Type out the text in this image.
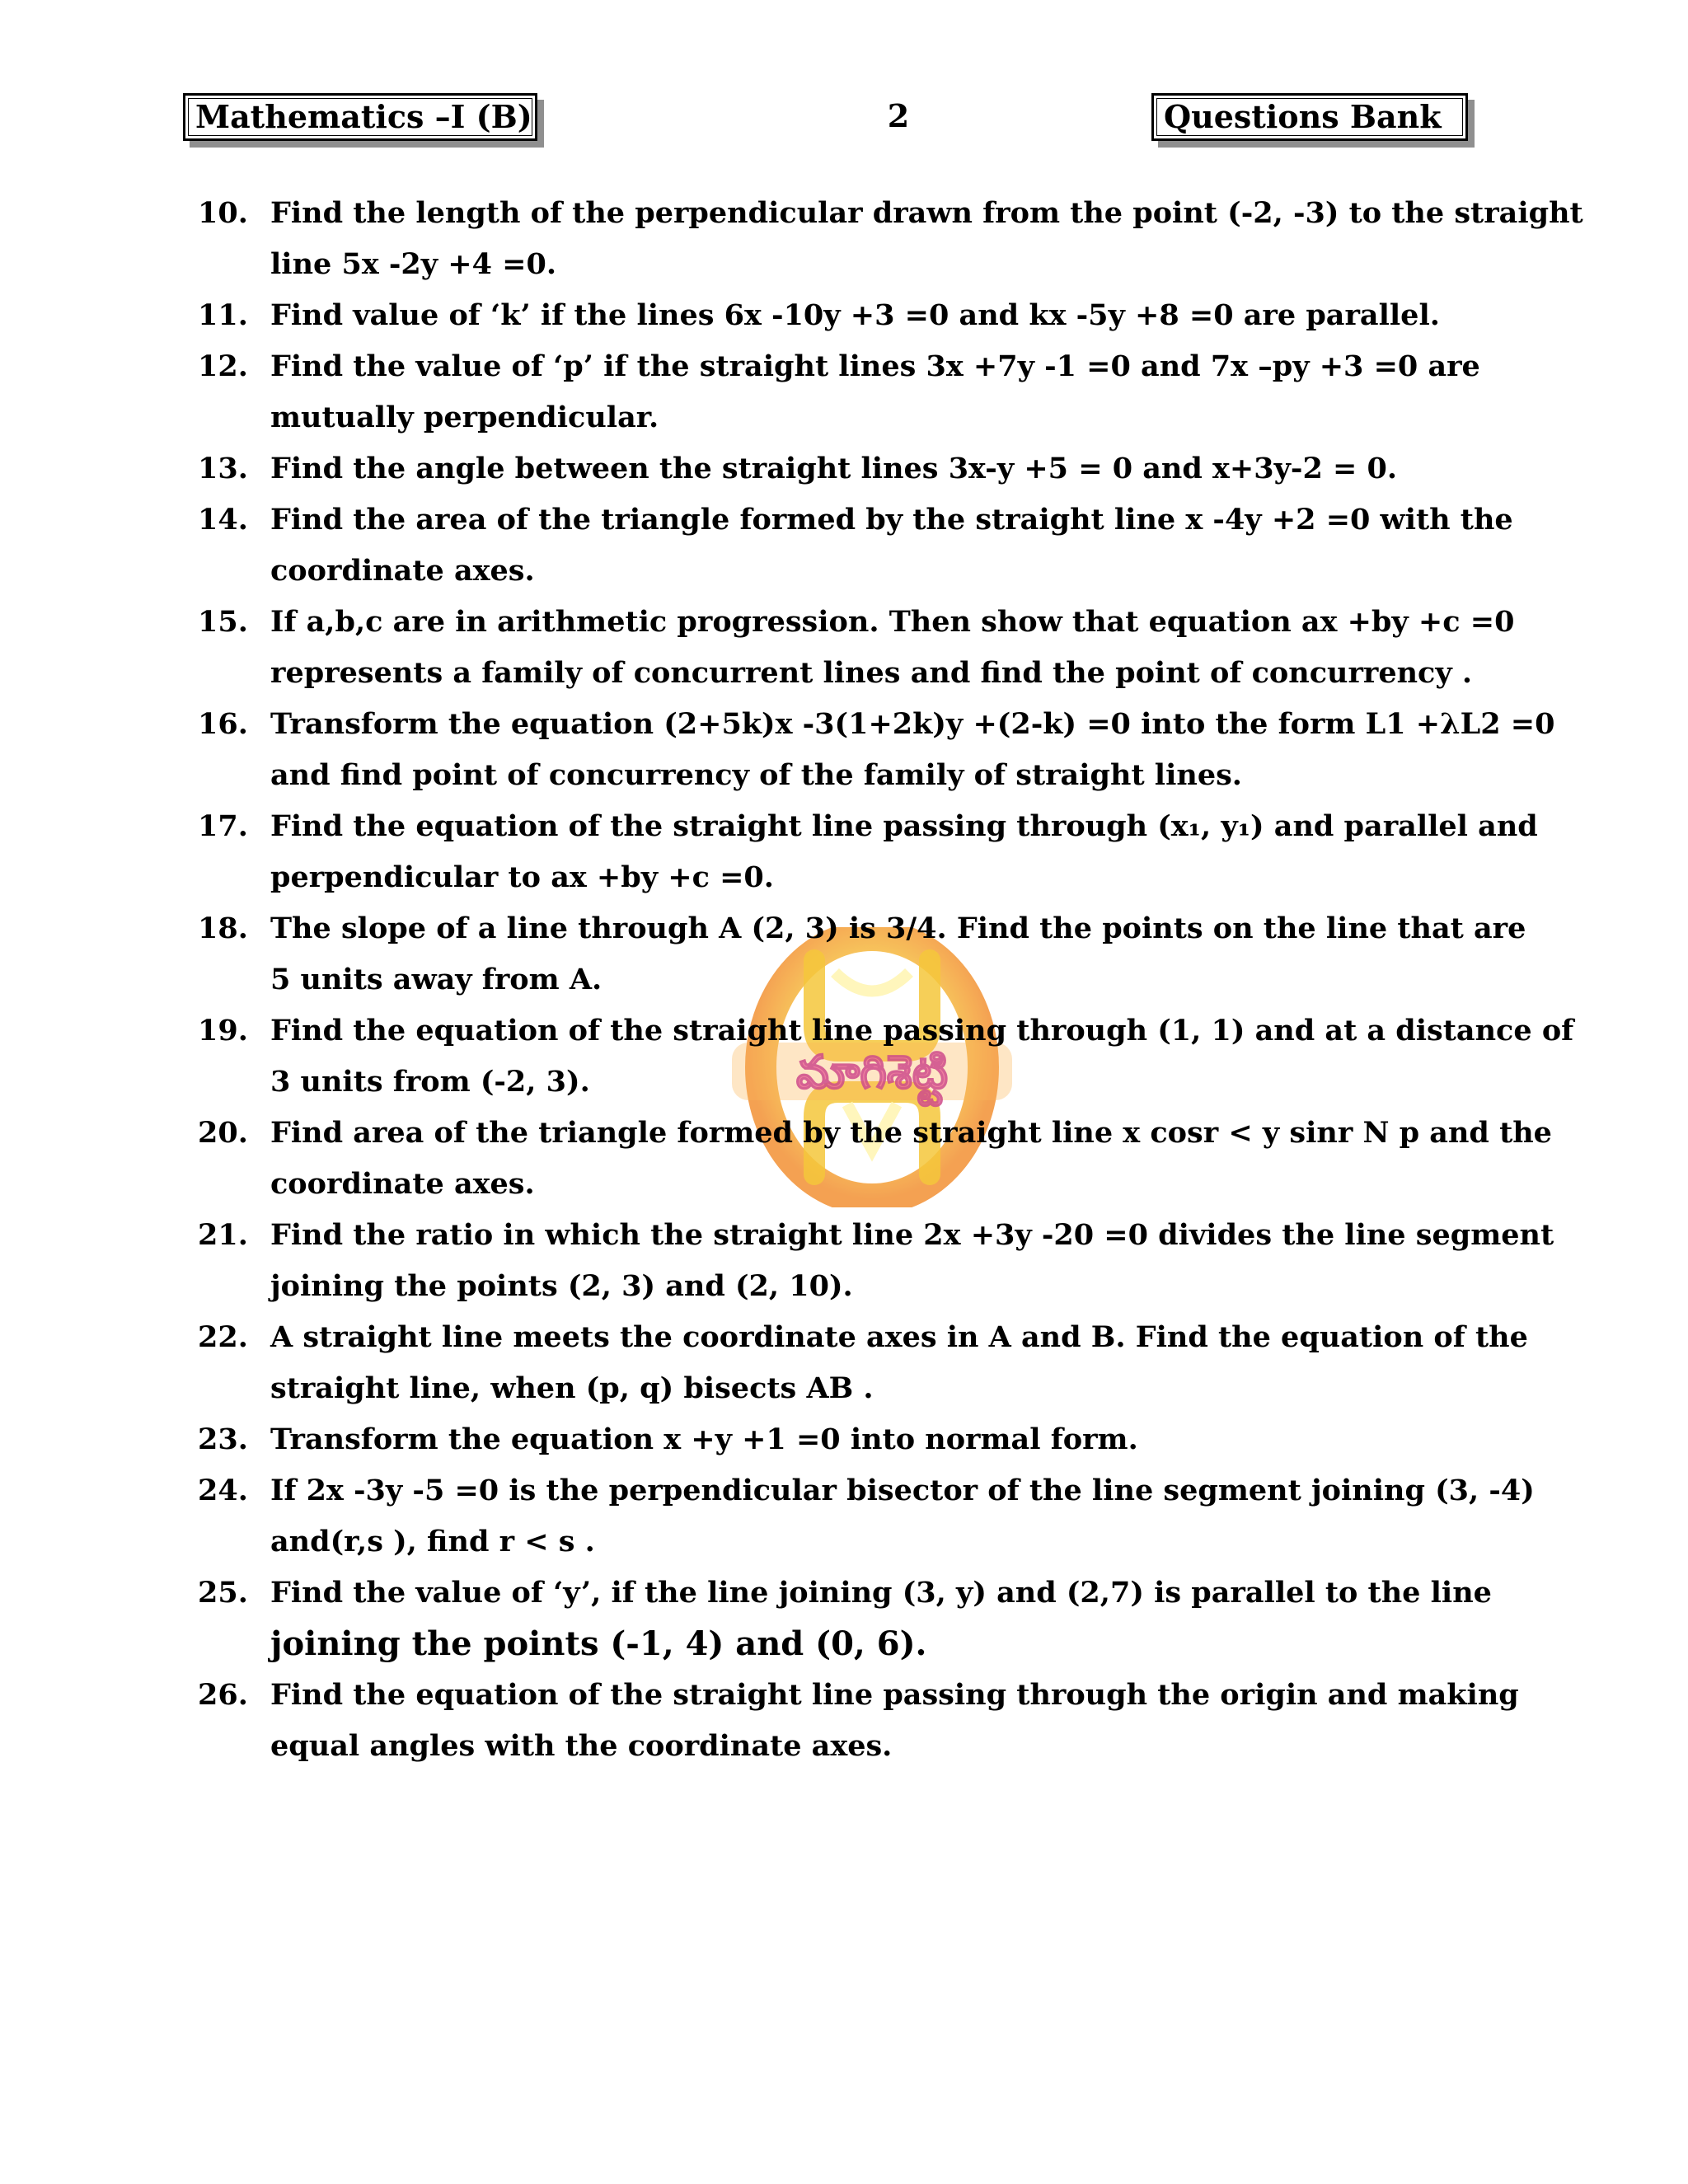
Mathematics –I (B)	2	Questions Bank
మాగిశెట్టి
10. Find the length of the perpendicular drawn from the point (-2, -3) to the straight
line 5x -2y +4 =0.
11. Find value of ‘k’ if the lines 6x -10y +3 =0 and kx -5y +8 =0 are parallel.
12. Find the value of ‘p’ if the straight lines 3x +7y -1 =0 and 7x –py +3 =0 are
mutually perpendicular.
13. Find the angle between the straight lines 3x-y +5 = 0 and x+3y-2 = 0.
14. Find the area of the triangle formed by the straight line x -4y +2 =0 with the
coordinate axes.
15. If a,b,c are in arithmetic progression. Then show that equation ax +by +c =0
represents a family of concurrent lines and find the point of concurrency .
16. Transform the equation (2+5k)x -3(1+2k)y +(2-k) =0 into the form L1 +λL2 =0
and find point of concurrency of the family of straight lines.
17. Find the equation of the straight line passing through (x₁, y₁) and parallel and
perpendicular to ax +by +c =0.
18. The slope of a line through A (2, 3) is 3/4. Find the points on the line that are
5 units away from A.
19. Find the equation of the straight line passing through (1, 1) and at a distance of
3 units from (-2, 3).
20. Find area of the triangle formed by the straight line x cosr < y sinr N p and the
coordinate axes.
21. Find the ratio in which the straight line 2x +3y -20 =0 divides the line segment
joining the points (2, 3) and (2, 10).
22. A straight line meets the coordinate axes in A and B. Find the equation of the
straight line, when (p, q) bisects AB .
23. Transform the equation x +y +1 =0 into normal form.
24. If 2x -3y -5 =0 is the perpendicular bisector of the line segment joining (3, -4)
and(r,s ), find r < s .
25. Find the value of ‘y’, if the line joining (3, y) and (2,7) is parallel to the line
joining the points (-1, 4) and (0, 6).
26. Find the equation of the straight line passing through the origin and making
equal angles with the coordinate axes.
